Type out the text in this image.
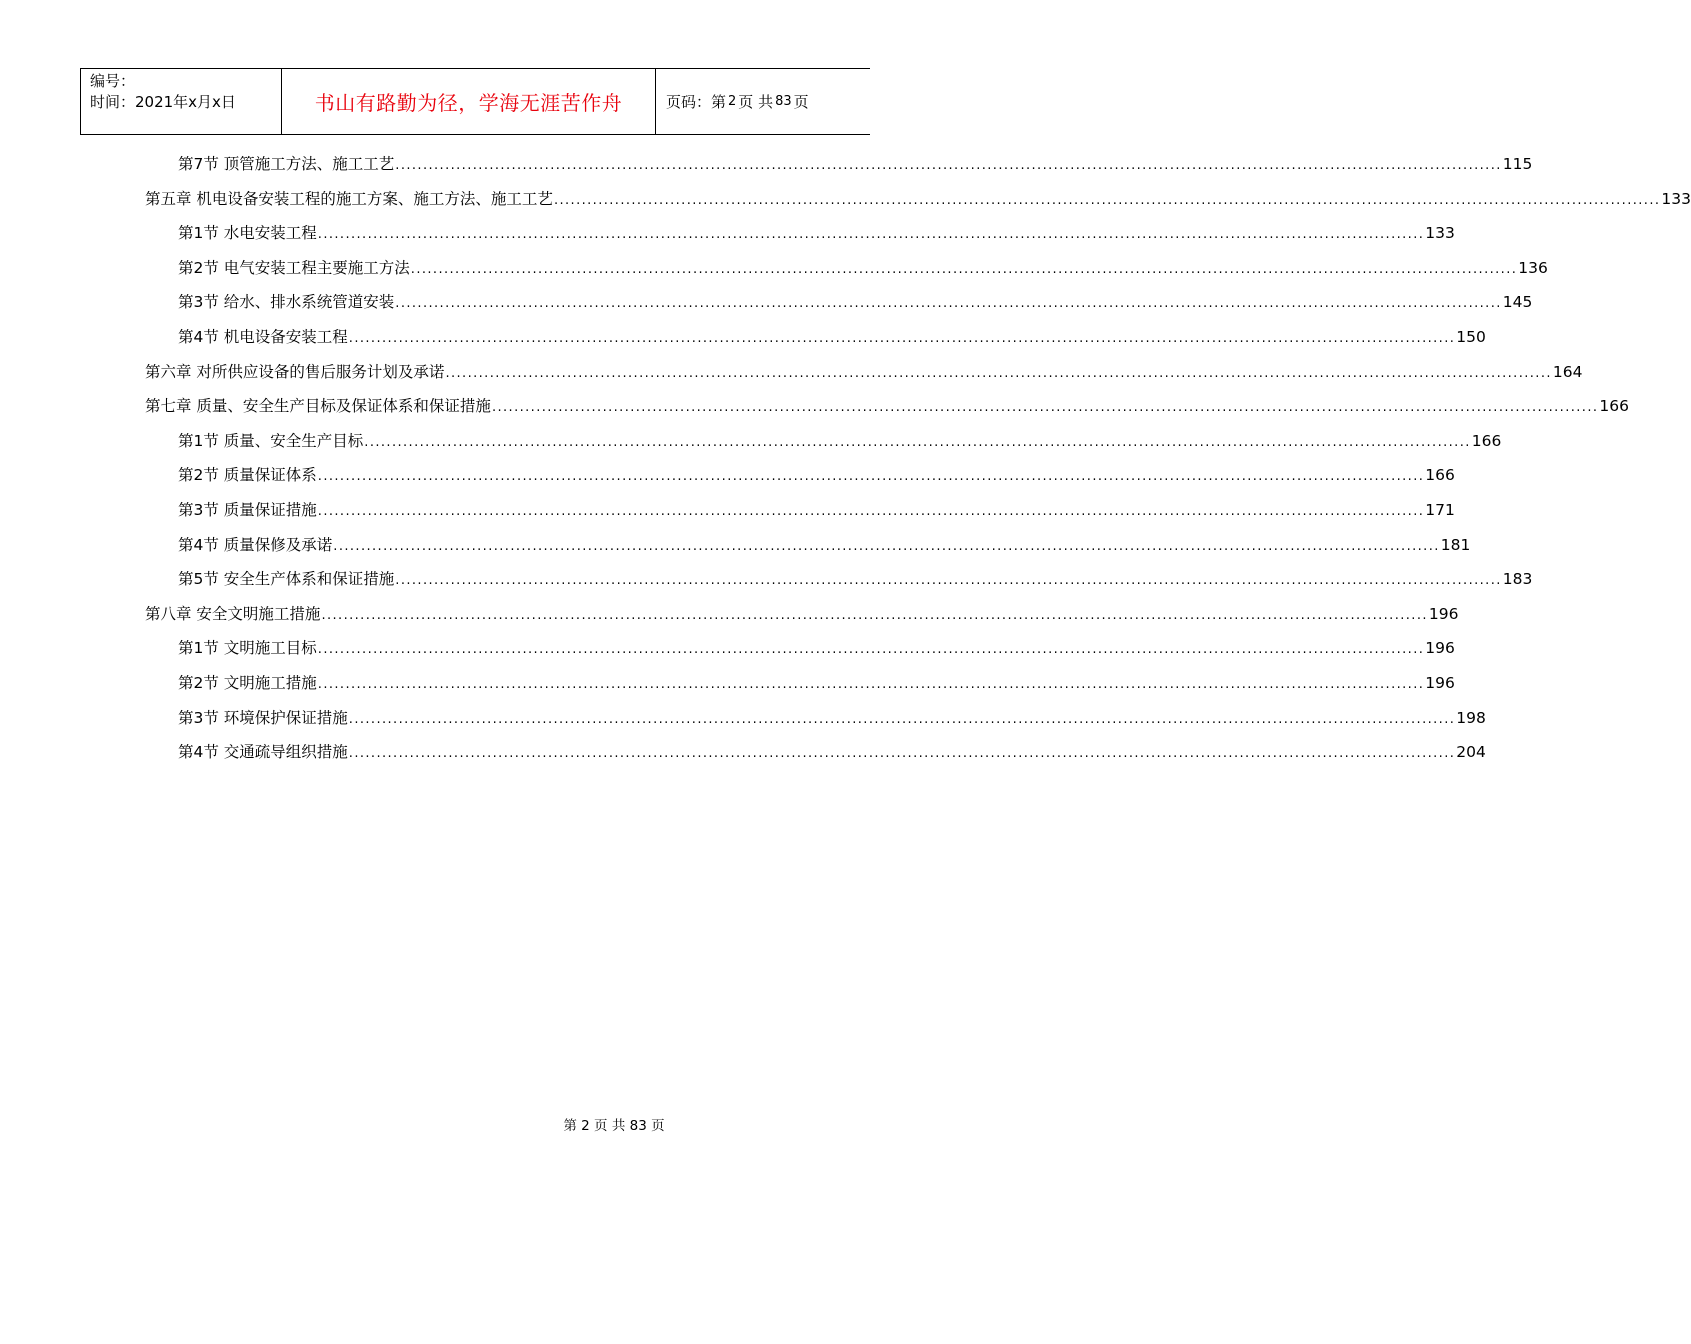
编号：
时间：2021年x月x日	书山有路勤为径，学海无涯苦作舟	页码：第 2 页 共 83 页
第7节 顶管施工方法、施工工艺 ........................................................................................................................................................................................................ 115
第五章 机电设备安装工程的施工方案、施工方法、施工工艺 ........................................................................................................................................................................................................ 133
第1节 水电安装工程 ........................................................................................................................................................................................................ 133
第2节 电气安装工程主要施工方法 ........................................................................................................................................................................................................ 136
第3节 给水、排水系统管道安装 ........................................................................................................................................................................................................ 145
第4节 机电设备安装工程 ........................................................................................................................................................................................................ 150
第六章 对所供应设备的售后服务计划及承诺 ........................................................................................................................................................................................................ 164
第七章 质量、安全生产目标及保证体系和保证措施 ........................................................................................................................................................................................................ 166
第1节 质量、安全生产目标 ........................................................................................................................................................................................................ 166
第2节 质量保证体系 ........................................................................................................................................................................................................ 166
第3节 质量保证措施 ........................................................................................................................................................................................................ 171
第4节 质量保修及承诺 ........................................................................................................................................................................................................ 181
第5节 安全生产体系和保证措施 ........................................................................................................................................................................................................ 183
第八章 安全文明施工措施 ........................................................................................................................................................................................................ 196
第1节 文明施工目标 ........................................................................................................................................................................................................ 196
第2节 文明施工措施 ........................................................................................................................................................................................................ 196
第3节 环境保护保证措施 ........................................................................................................................................................................................................ 198
第4节 交通疏导组织措施 ........................................................................................................................................................................................................ 204
第 2 页 共 83 页
